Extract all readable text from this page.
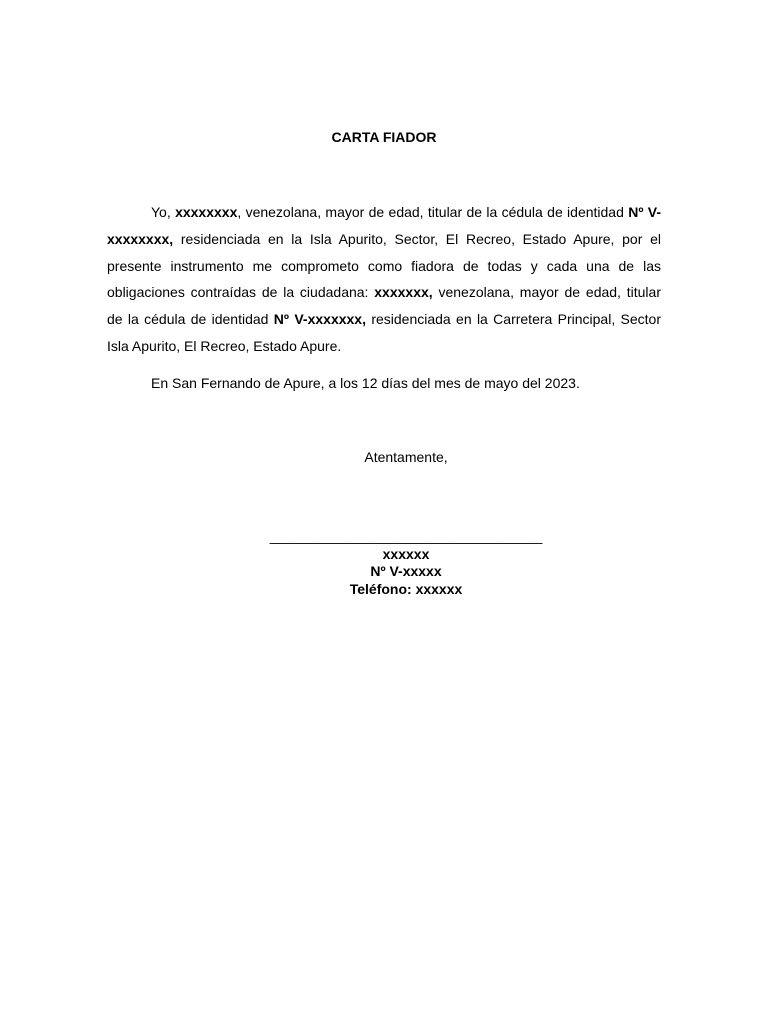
CARTA FIADOR

Yo, xxxxxxxx, venezolana, mayor de edad, titular de la cédula de identidad Nº V-xxxxxxxx, residenciada en la Isla Apurito, Sector, El Recreo, Estado Apure, por el presente instrumento me comprometo como fiadora de todas y cada una de las obligaciones contraídas de la ciudadana: xxxxxxx, venezolana, mayor de edad, titular de la cédula de identidad Nº V-xxxxxxx, residenciada en la Carretera Principal, Sector Isla Apurito, El Recreo, Estado Apure.

En San Fernando de Apure, a los 12 días del mes de mayo del 2023.

Atentamente,

___________________________________
xxxxxx
Nº V-xxxxx
Teléfono: xxxxxx
